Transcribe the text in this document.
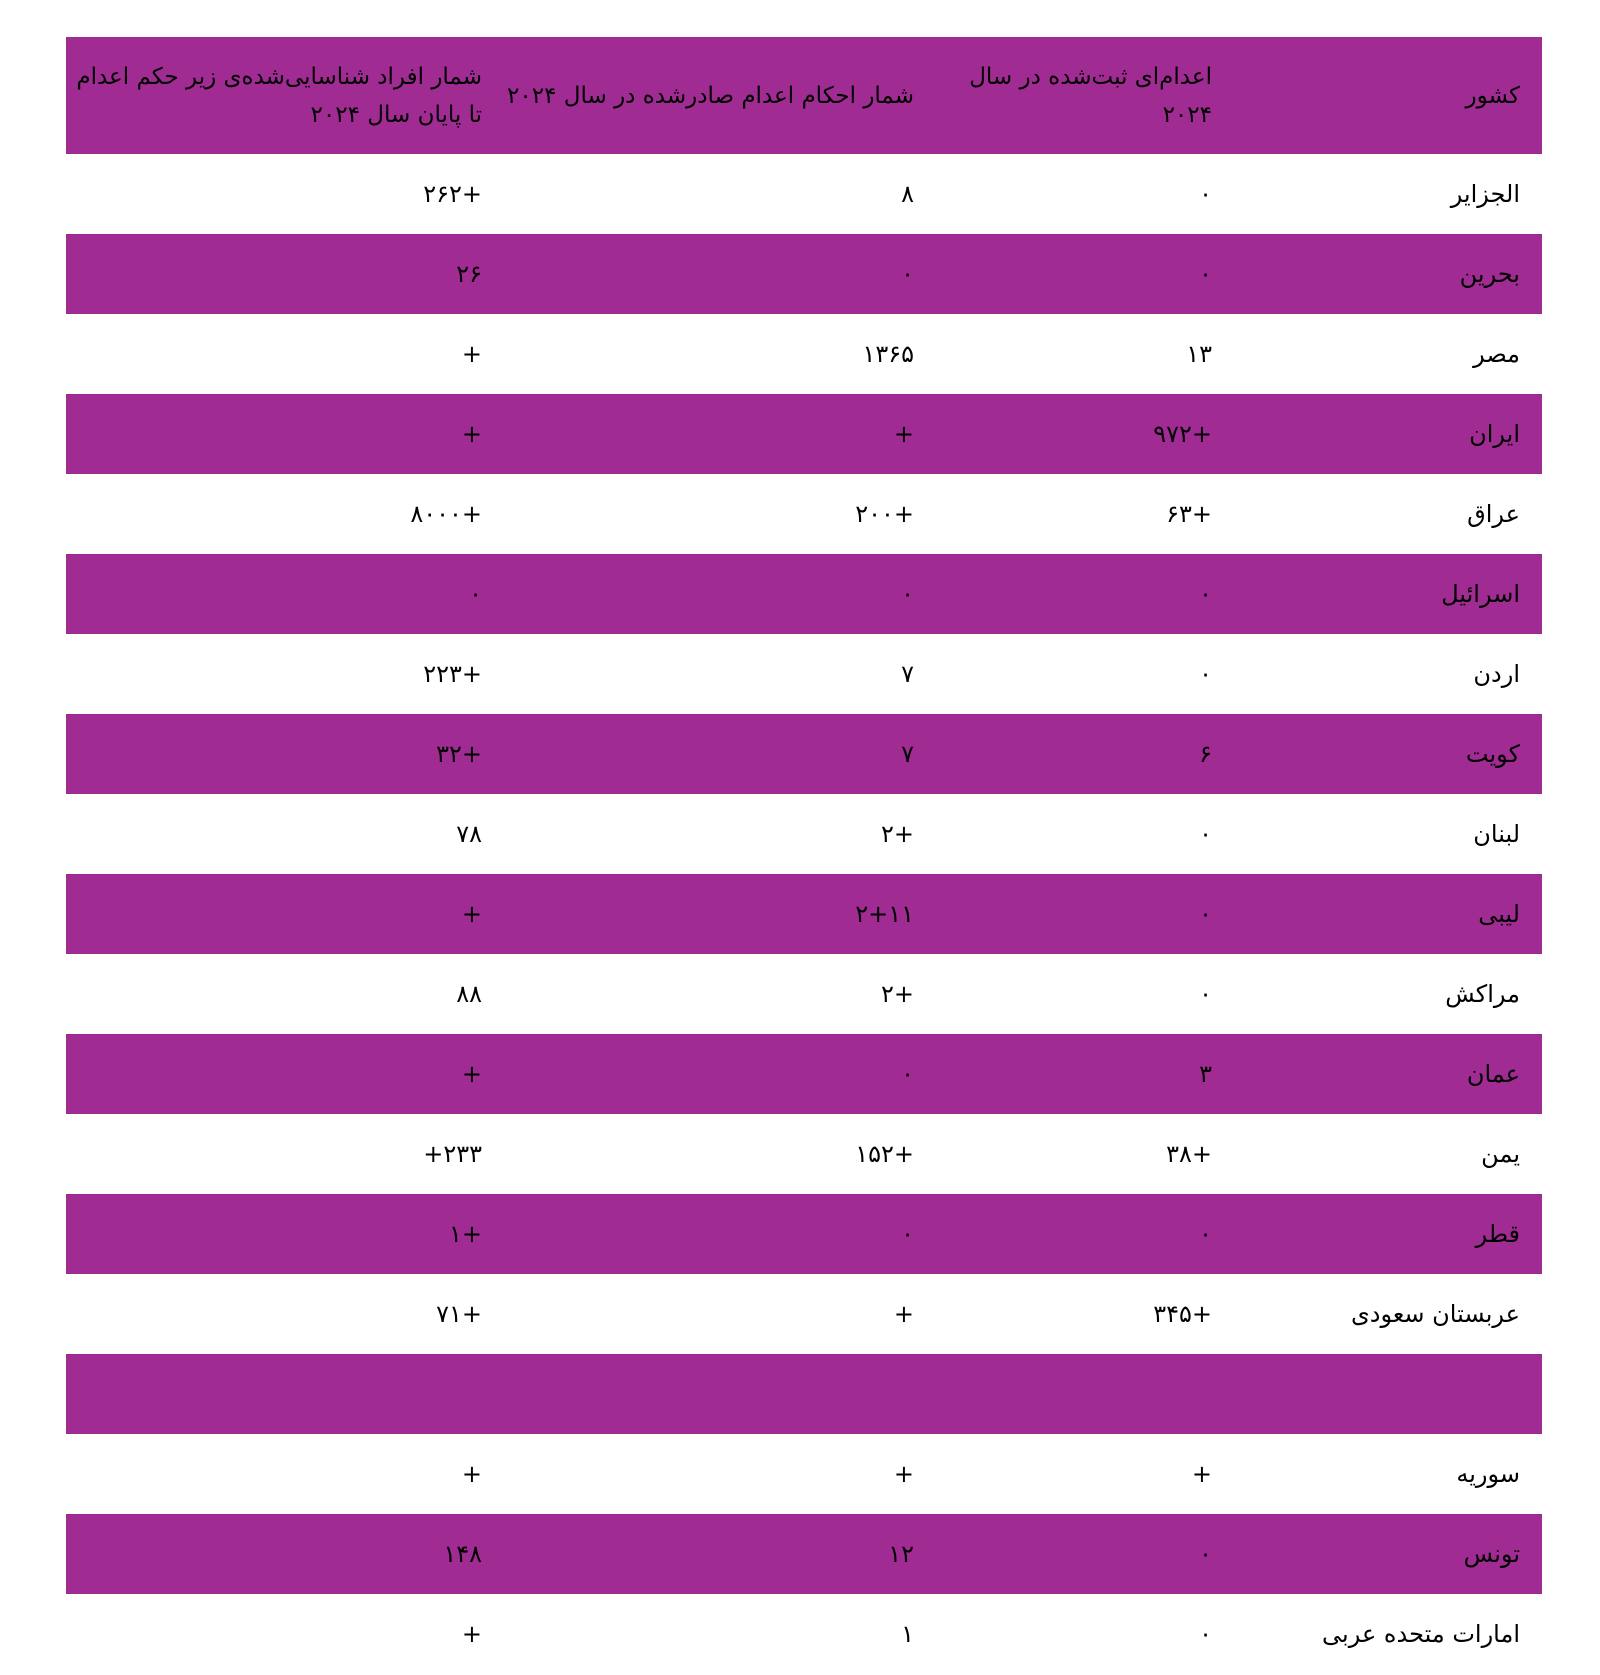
کشور	اعدام‌ای ثبت‌شده در سال ۲۰۲۴	شمار احکام اعدام صادرشده در سال ۲۰۲۴	شمار افراد شناسایی‌شده‌ی زیر حکم اعدام تا پایان سال ۲۰۲۴

الجزایر	۰	۸	+۲۶۲
بحرین	۰	۰	۲۶
مصر	۱۳	۱۳۶۵	+
ایران	+۹۷۲	+	+
عراق	+۶۳	+۲۰۰	+۸۰۰۰
اسرائیل	۰	۰	۰
اردن	۰	۷	+۲۲۳
کویت	۶	۷	+۳۲
لبنان	۰	+۲	۷۸
لیبی	۰	۲+۱۱	+
مراکش	۰	+۲	۸۸
عمان	۳	۰	+
یمن	+۳۸	+۱۵۲	۲۳۳+
قطر	۰	۰	+۱
عربستان سعودی	+۳۴۵	+	+۷۱

سوریه	+	+	+
تونس	۰	۱۲	۱۴۸
امارات متحده عربی	۰	۱	+
